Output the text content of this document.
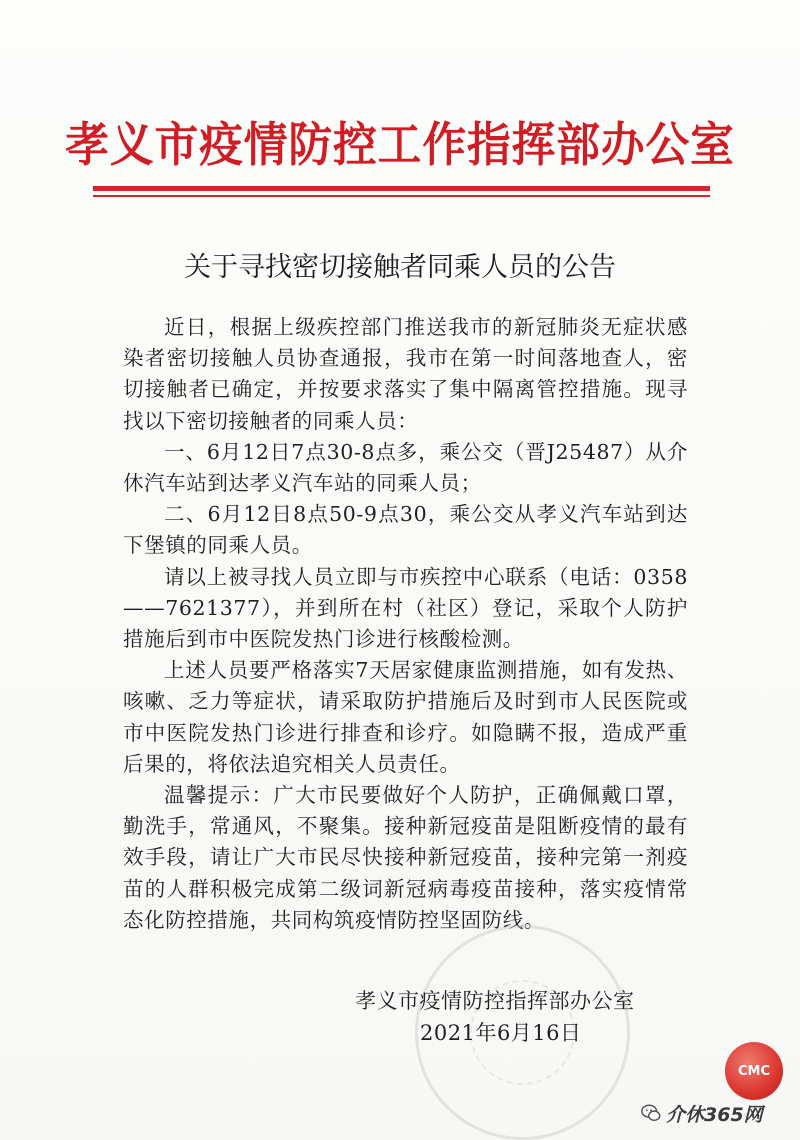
孝义市疫情防控工作指挥部办公室
关于寻找密切接触者同乘人员的公告

近日，根据上级疾控部门推送我市的新冠肺炎无症状感染者密切接触人员协查通报，我市在第一时间落地查人，密切接触者已确定，并按要求落实了集中隔离管控措施。现寻找以下密切接触者的同乘人员：

一、6月12日7点30-8点多，乘公交（晋J25487）从介休汽车站到达孝义汽车站的同乘人员；

二、6月12日8点50-9点30，乘公交从孝义汽车站到达下堡镇的同乘人员。

请以上被寻找人员立即与市疾控中心联系（电话：0358——7621377），并到所在村（社区）登记，采取个人防护措施后到市中医院发热门诊进行核酸检测。

上述人员要严格落实7天居家健康监测措施，如有发热、咳嗽、乏力等症状，请采取防护措施后及时到市人民医院或市中医院发热门诊进行排查和诊疗。如隐瞒不报，造成严重后果的，将依法追究相关人员责任。

温馨提示：广大市民要做好个人防护，正确佩戴口罩，勤洗手，常通风，不聚集。接种新冠疫苗是阻断疫情的最有效手段，请让广大市民尽快接种新冠疫苗，接种完第一剂疫苗的人群积极完成第二级词新冠病毒疫苗接种，落实疫情常态化防控措施，共同构筑疫情防控坚固防线。

孝义市疫情防控指挥部办公室
2021年6月16日
CMC
介休365网
